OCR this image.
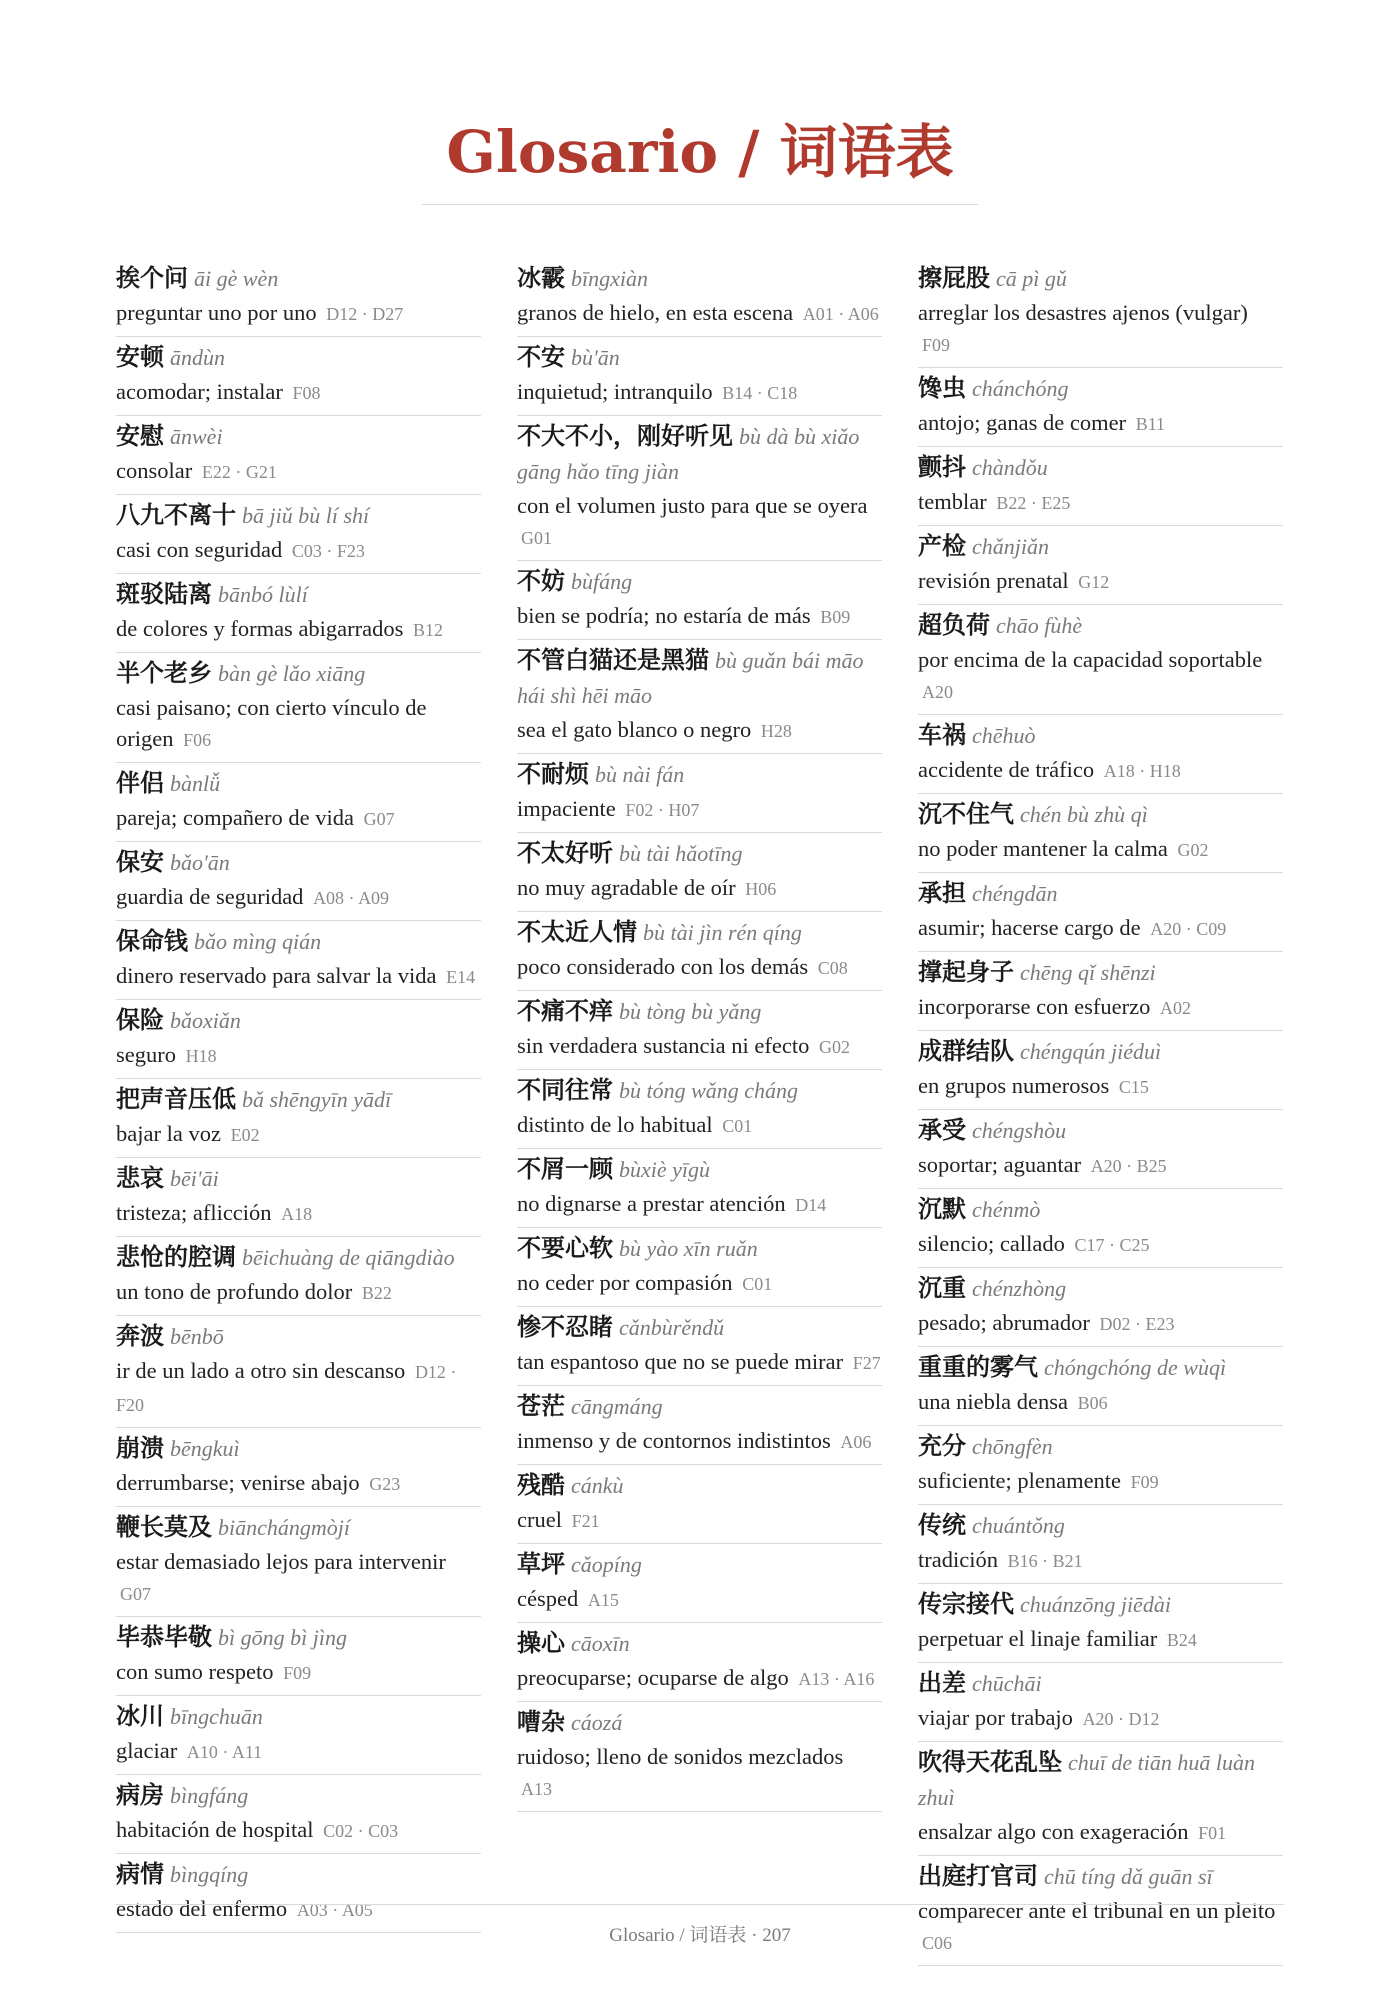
Glosario / 词语表
挨个问 āi gè wèn
preguntar uno por uno D12 · D27
安顿 āndùn
acomodar; instalar F08
安慰 ānwèi
consolar E22 · G21
八九不离十 bā jiǔ bù lí shí
casi con seguridad C03 · F23
斑驳陆离 bānbó lùlí
de colores y formas abigarrados B12
半个老乡 bàn gè lǎo xiāng
casi paisano; con cierto vínculo de origen F06
伴侣 bànlǚ
pareja; compañero de vida G07
保安 bǎo'ān
guardia de seguridad A08 · A09
保命钱 bǎo mìng qián
dinero reservado para salvar la vida E14
保险 bǎoxiǎn
seguro H18
把声音压低 bǎ shēngyīn yādī
bajar la voz E02
悲哀 bēi'āi
tristeza; aflicción A18
悲怆的腔调 bēichuàng de qiāngdiào
un tono de profundo dolor B22
奔波 bēnbō
ir de un lado a otro sin descanso D12 · F20
崩溃 bēngkuì
derrumbarse; venirse abajo G23
鞭长莫及 biānchángmòjí
estar demasiado lejos para intervenir G07
毕恭毕敬 bì gōng bì jìng
con sumo respeto F09
冰川 bīngchuān
glaciar A10 · A11
病房 bìngfáng
habitación de hospital C02 · C03
病情 bìngqíng
estado del enfermo A03 · A05
冰霰 bīngxiàn
granos de hielo, en esta escena A01 · A06
不安 bù'ān
inquietud; intranquilo B14 · C18
不大不小，刚好听见 bù dà bù xiǎo gāng hǎo tīng jiàn
con el volumen justo para que se oyera G01
不妨 bùfáng
bien se podría; no estaría de más B09
不管白猫还是黑猫 bù guǎn bái māo hái shì hēi māo
sea el gato blanco o negro H28
不耐烦 bù nài fán
impaciente F02 · H07
不太好听 bù tài hǎotīng
no muy agradable de oír H06
不太近人情 bù tài jìn rén qíng
poco considerado con los demás C08
不痛不痒 bù tòng bù yǎng
sin verdadera sustancia ni efecto G02
不同往常 bù tóng wǎng cháng
distinto de lo habitual C01
不屑一顾 bùxiè yīgù
no dignarse a prestar atención D14
不要心软 bù yào xīn ruǎn
no ceder por compasión C01
惨不忍睹 cǎnbùrěndǔ
tan espantoso que no se puede mirar F27
苍茫 cāngmáng
inmenso y de contornos indistintos A06
残酷 cánkù
cruel F21
草坪 cǎopíng
césped A15
操心 cāoxīn
preocuparse; ocuparse de algo A13 · A16
嘈杂 cáozá
ruidoso; lleno de sonidos mezclados A13
擦屁股 cā pì gǔ
arreglar los desastres ajenos (vulgar) F09
馋虫 chánchóng
antojo; ganas de comer B11
颤抖 chàndǒu
temblar B22 · E25
产检 chǎnjiǎn
revisión prenatal G12
超负荷 chāo fùhè
por encima de la capacidad soportable A20
车祸 chēhuò
accidente de tráfico A18 · H18
沉不住气 chén bù zhù qì
no poder mantener la calma G02
承担 chéngdān
asumir; hacerse cargo de A20 · C09
撑起身子 chēng qǐ shēnzi
incorporarse con esfuerzo A02
成群结队 chéngqún jiéduì
en grupos numerosos C15
承受 chéngshòu
soportar; aguantar A20 · B25
沉默 chénmò
silencio; callado C17 · C25
沉重 chénzhòng
pesado; abrumador D02 · E23
重重的雾气 chóngchóng de wùqì
una niebla densa B06
充分 chōngfèn
suficiente; plenamente F09
传统 chuántǒng
tradición B16 · B21
传宗接代 chuánzōng jiēdài
perpetuar el linaje familiar B24
出差 chūchāi
viajar por trabajo A20 · D12
吹得天花乱坠 chuī de tiān huā luàn zhuì
ensalzar algo con exageración F01
出庭打官司 chū tíng dǎ guān sī
comparecer ante el tribunal en un pleito C06
Glosario / 词语表 · 207
